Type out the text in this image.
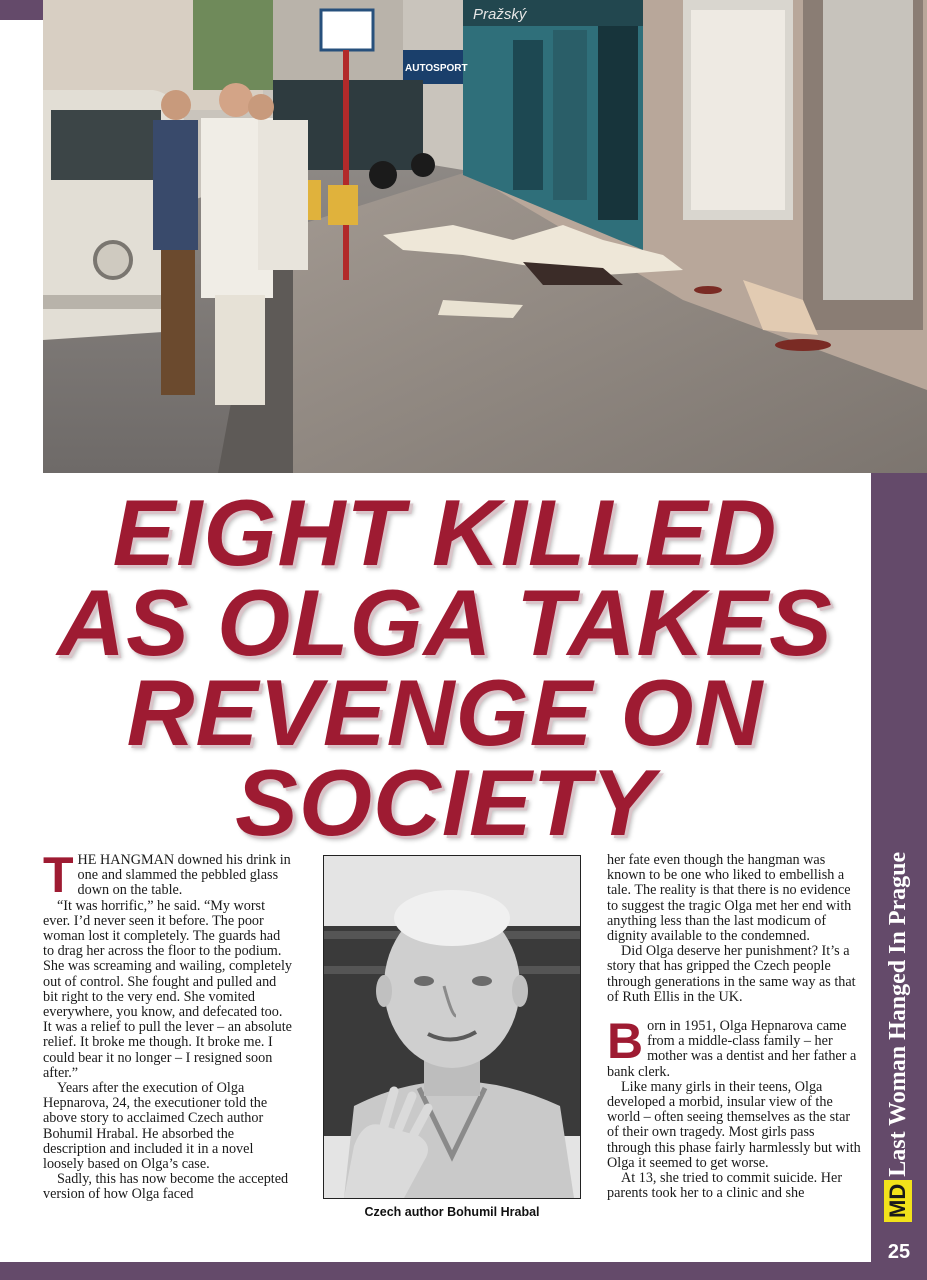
Pražský
AUTOSPORT
EIGHT KILLED
AS OLGA TAKES
REVENGE ON
SOCIETY

THE HANGMAN downed his drink in one and slammed the pebbled glass down on the table.

“It was horrific,” he said. “My worst ever. I’d never seen it before. The poor woman lost it completely. The guards had to drag her across the floor to the podium. She was screaming and wailing, completely out of control. She fought and pulled and bit right to the very end. She vomited everywhere, you know, and defecated too. It was a relief to pull the lever – an absolute relief. It broke me though. It broke me. I could bear it no longer – I resigned soon after.”

Years after the execution of Olga Hepnarova, 24, the executioner told the above story to acclaimed Czech author Bohumil Hrabal. He absorbed the description and included it in a novel loosely based on Olga’s case.

Sadly, this has now become the accepted version of how Olga faced

Czech author Bohumil Hrabal

her fate even though the hangman was known to be one who liked to embellish a tale. The reality is that there is no evidence to suggest the tragic Olga met her end with anything less than the last modicum of dignity available to the condemned.

Did Olga deserve her punishment? It’s a story that has gripped the Czech people through generations in the same way as that of Ruth Ellis in the UK.

Born in 1951, Olga Hepnarova came from a middle-class family – her mother was a dentist and her father a bank clerk.

Like many girls in their teens, Olga developed a morbid, insular view of the world – often seeing themselves as the star of their own tragedy. Most girls pass through this phase fairly harmlessly but with Olga it seemed to get worse.

At 13, she tried to commit suicide. Her parents took her to a clinic and she	MD
Last Woman Hanged In Prague
25
